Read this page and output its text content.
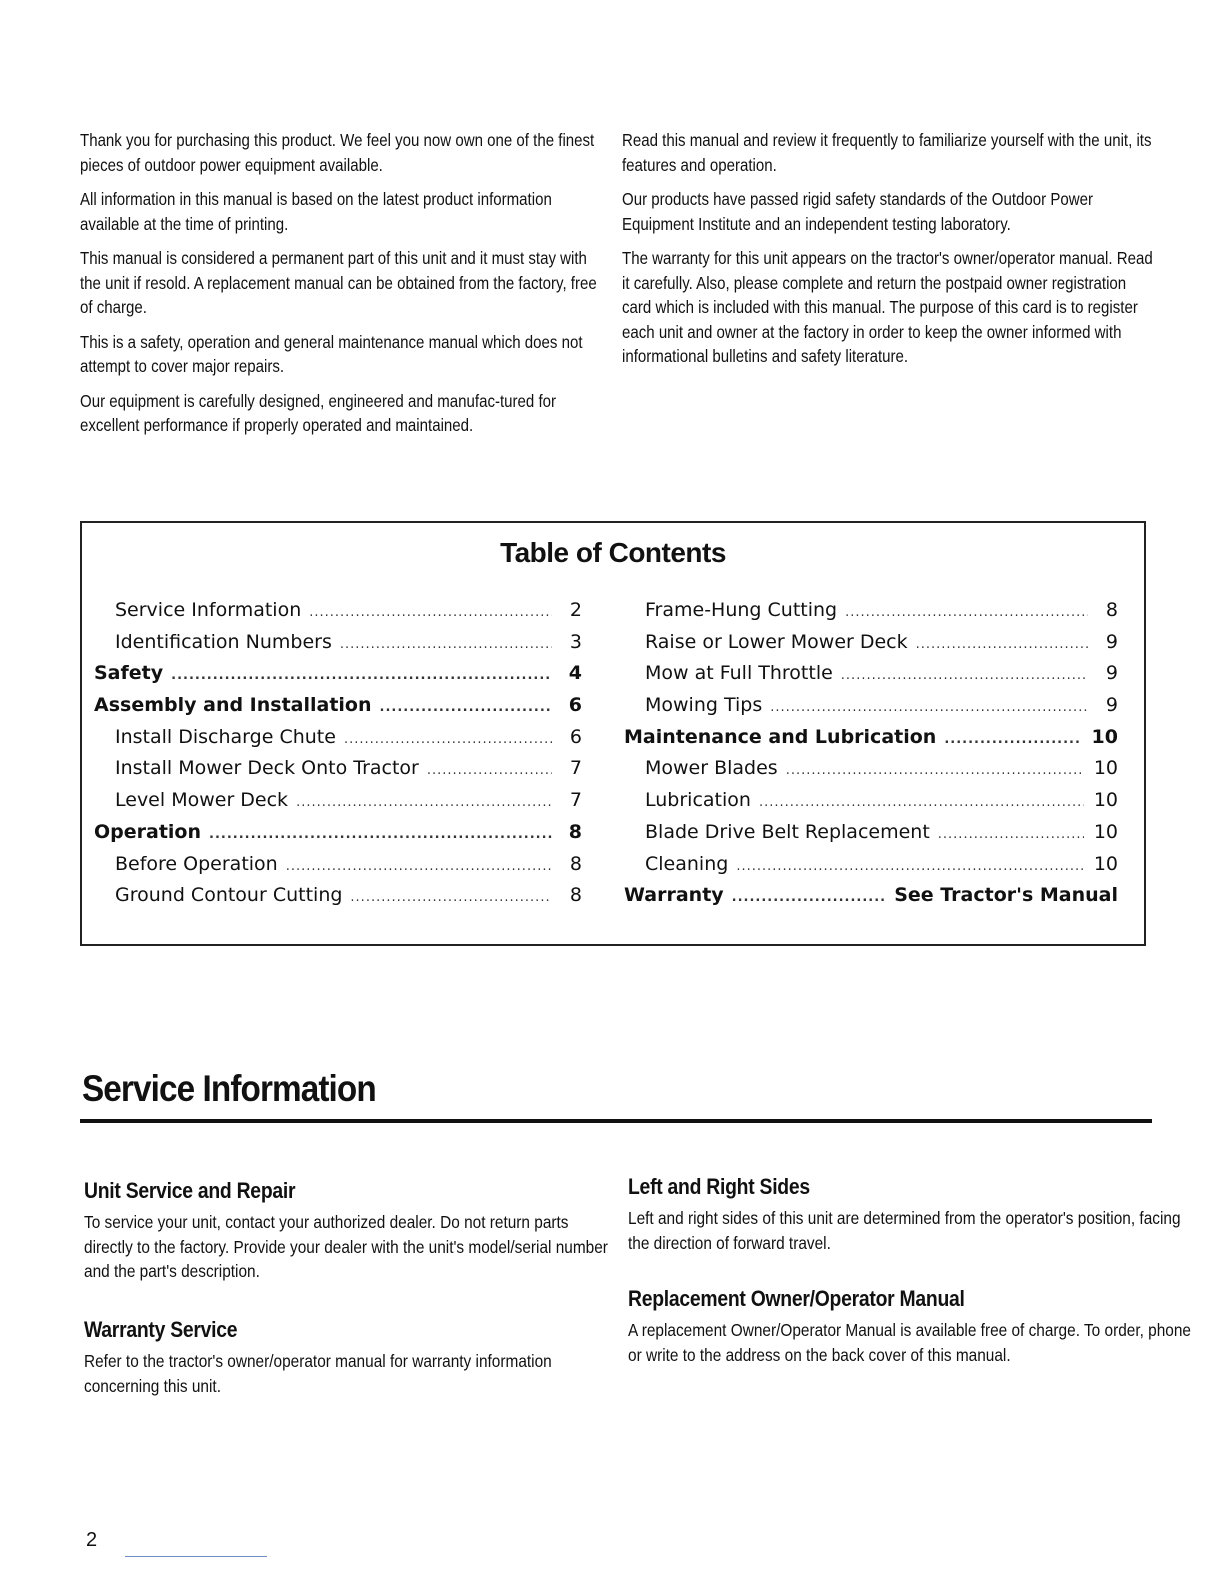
Thank you for purchasing this product. We feel you now own one of the finest pieces of outdoor power equipment available.

All information in this manual is based on the latest product information available at the time of printing.

This manual is considered a permanent part of this unit and it must stay with the unit if resold. A replacement manual can be obtained from the factory, free of charge.

This is a safety, operation and general maintenance manual which does not attempt to cover major repairs.

Our equipment is carefully designed, engineered and manufac-tured for excellent performance if properly operated and maintained.

Read this manual and review it frequently to familiarize yourself with the unit, its features and operation.

Our products have passed rigid safety standards of the Outdoor Power Equipment Institute and an independent testing laboratory.

The warranty for this unit appears on the tractor's owner/operator manual. Read it carefully. Also, please complete and return the postpaid owner registration card which is included with this manual. The purpose of this card is to register each unit and owner at the factory in order to keep the owner informed with informational bulletins and safety literature.

Table of Contents
Service Information .....	2
Identification Numbers .....	3
Safety .....	4
Assembly and Installation .....	6
Install Discharge Chute .....	6
Install Mower Deck Onto Tractor .....	7
Level Mower Deck .....	7
Operation .....	8
Before Operation .....	8
Ground Contour Cutting .....	8
Frame-Hung Cutting .....	8
Raise or Lower Mower Deck .....	9
Mow at Full Throttle .....	9
Mowing Tips .....	9
Maintenance and Lubrication .....	10
Mower Blades .....	10
Lubrication .....	10
Blade Drive Belt Replacement .....	10
Cleaning .....	10
Warranty .....	See Tractor's Manual
Service Information
Unit Service and Repair

To service your unit, contact your authorized dealer. Do not return parts directly to the factory. Provide your dealer with the unit's model/serial number and the part's description.

Warranty Service

Refer to the tractor's owner/operator manual for warranty information concerning this unit.

Left and Right Sides

Left and right sides of this unit are determined from the operator's position, facing the direction of forward travel.

Replacement Owner/Operator Manual

A replacement Owner/Operator Manual is available free of charge. To order, phone or write to the address on the back cover of this manual.

2
